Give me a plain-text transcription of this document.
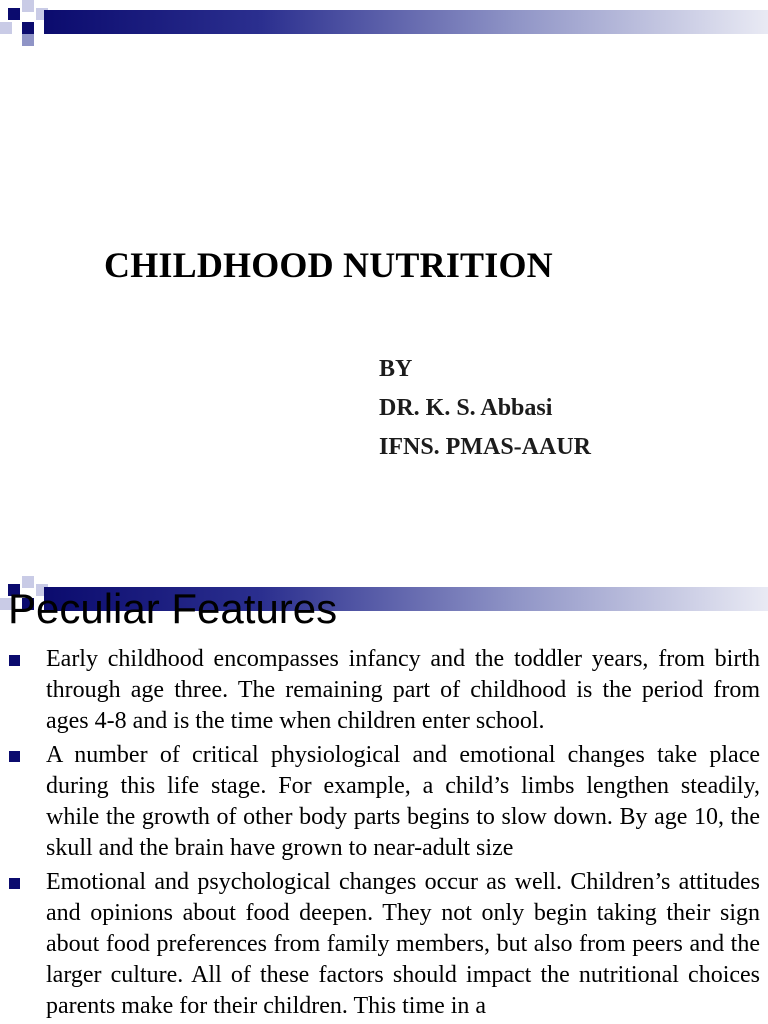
CHILDHOOD NUTRITION
BY
DR. K. S. Abbasi
IFNS. PMAS-AAUR
Peculiar Features
Early childhood encompasses infancy and the toddler years, from birth through age three. The remaining part of childhood is the period from ages 4-8 and is the time when children enter school.
A number of critical physiological and emotional changes take place during this life stage. For example, a child’s limbs lengthen steadily, while the growth of other body parts begins to slow down. By age 10, the skull and the brain have grown to near-adult size
Emotional and psychological changes occur as well. Children’s attitudes and opinions about food deepen. They not only begin taking their sign about food preferences from family members, but also from peers and the larger culture. All of these factors should impact the nutritional choices parents make for their children. This time in a
